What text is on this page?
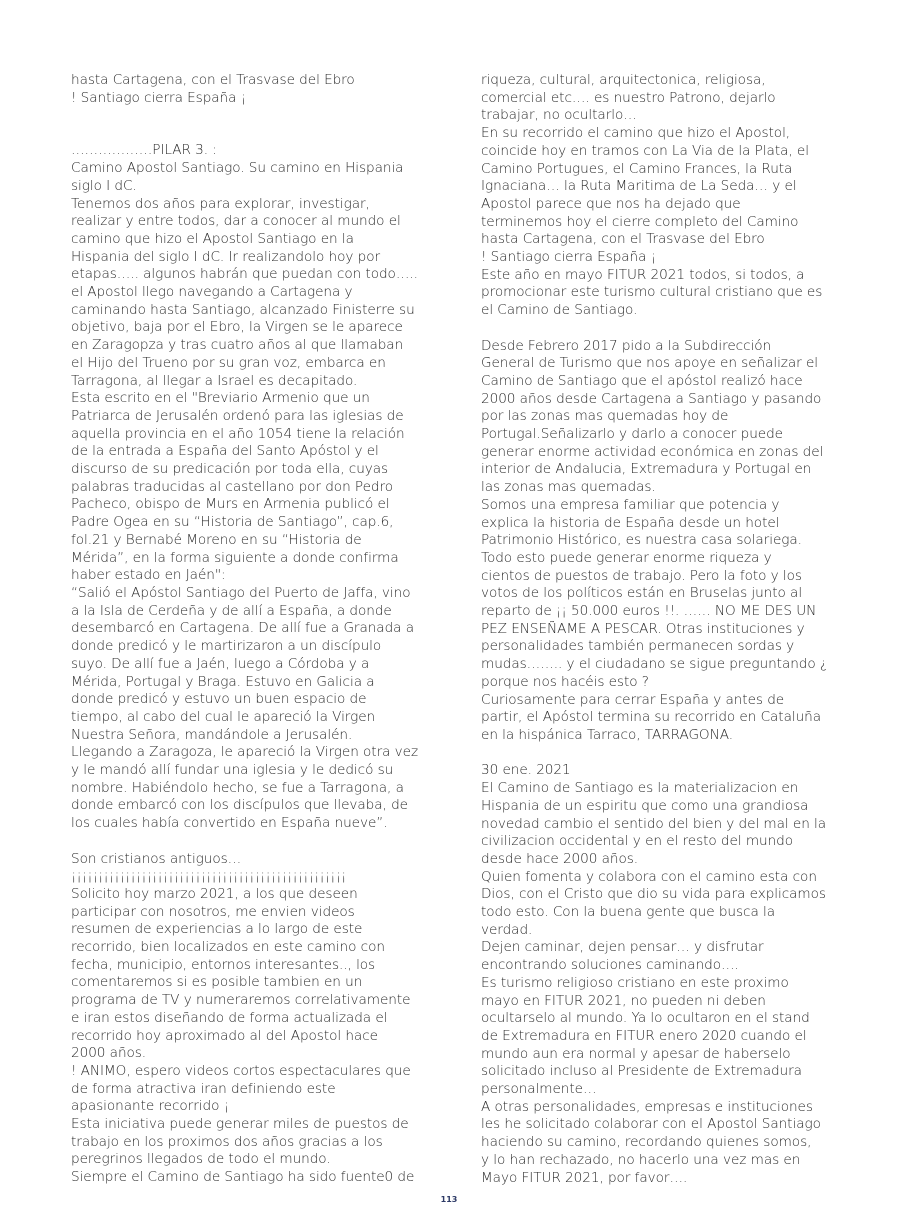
hasta Cartagena, con el Trasvase del Ebro
! Santiago cierra España ¡
………………PILAR 3. :
Camino Apostol Santiago. Su camino en Hispania
siglo I dC.
Tenemos dos años para explorar, investigar,
realizar y entre todos, dar a conocer al mundo el
camino que hizo el Apostol Santiago en la
Hispania del siglo I dC. Ir realizandolo hoy por
etapas….. algunos habrán que puedan con todo…..
el Apostol llego navegando a Cartagena y
caminando hasta Santiago, alcanzado Finisterre su
objetivo, baja por el Ebro, la Virgen se le aparece
en Zaragopza y tras cuatro años al que llamaban
el Hijo del Trueno por su gran voz, embarca en
Tarragona, al llegar a Israel es decapitado.
Esta escrito en el "Breviario Armenio que un
Patriarca de Jerusalén ordenó para las iglesias de
aquella provincia en el año 1054 tiene la relación
de la entrada a España del Santo Apóstol y el
discurso de su predicación por toda ella, cuyas
palabras traducidas al castellano por don Pedro
Pacheco, obispo de Murs en Armenia publicó el
Padre Ogea en su “Historia de Santiago”, cap.6,
fol.21 y Bernabé Moreno en su “Historia de
Mérida”, en la forma siguiente a donde confirma
haber estado en Jaén":
“Salió el Apóstol Santiago del Puerto de Jaffa, vino
a la Isla de Cerdeña y de allí a España, a donde
desembarcó en Cartagena. De allí fue a Granada a
donde predicó y le martirizaron a un discípulo
suyo. De allí fue a Jaén, luego a Córdoba y a
Mérida, Portugal y Braga. Estuvo en Galicia a
donde predicó y estuvo un buen espacio de
tiempo, al cabo del cual le apareció la Virgen
Nuestra Señora, mandándole a Jerusalén.
Llegando a Zaragoza, le apareció la Virgen otra vez
y le mandó allí fundar una iglesia y le dedicó su
nombre. Habiéndolo hecho, se fue a Tarragona, a
donde embarcó con los discípulos que llevaba, de
los cuales había convertido en España nueve”.
Son cristianos antiguos…
¡¡¡¡¡¡¡¡¡¡¡¡¡¡¡¡¡¡¡¡¡¡¡¡¡¡¡¡¡¡¡¡¡¡¡¡¡¡¡¡¡¡¡¡¡¡¡¡¡¡¡
Solicito hoy marzo 2021, a los que deseen
participar con nosotros, me envien videos
resumen de experiencias a lo largo de este
recorrido, bien localizados en este camino con
fecha, municipio, entornos interesantes.., los
comentaremos si es posible tambien en un
programa de TV y numeraremos correlativamente
e iran estos diseñando de forma actualizada el
recorrido hoy aproximado al del Apostol hace
2000 años.
! ANIMO, espero videos cortos espectaculares que
de forma atractiva iran definiendo este
apasionante recorrido ¡
Esta iniciativa puede generar miles de puestos de
trabajo en los proximos dos años gracias a los
peregrinos llegados de todo el mundo.
Siempre el Camino de Santiago ha sido fuente0 de
riqueza, cultural, arquitectonica, religiosa,
comercial etc…. es nuestro Patrono, dejarlo
trabajar, no ocultarlo…
En su recorrido el camino que hizo el Apostol,
coincide hoy en tramos con La Via de la Plata, el
Camino Portugues, el Camino Frances, la Ruta
Ignaciana… la Ruta Maritima de La Seda… y el
Apostol parece que nos ha dejado que
terminemos hoy el cierre completo del Camino
hasta Cartagena, con el Trasvase del Ebro
! Santiago cierra España ¡
Este año en mayo FITUR 2021 todos, si todos, a
promocionar este turismo cultural cristiano que es
el Camino de Santiago.
Desde Febrero 2017 pido a la Subdirección
General de Turismo que nos apoye en señalizar el
Camino de Santiago que el apóstol realizó hace
2000 años desde Cartagena a Santiago y pasando
por las zonas mas quemadas hoy de
Portugal.Señalizarlo y darlo a conocer puede
generar enorme actividad económica en zonas del
interior de Andalucia, Extremadura y Portugal en
las zonas mas quemadas.
Somos una empresa familiar que potencia y
explica la historia de España desde un hotel
Patrimonio Histórico, es nuestra casa solariega.
Todo esto puede generar enorme riqueza y
cientos de puestos de trabajo. Pero la foto y los
votos de los políticos están en Bruselas junto al
reparto de ¡¡ 50.000 euros !!. …… NO ME DES UN
PEZ ENSEÑAME A PESCAR. Otras instituciones y
personalidades también permanecen sordas y
mudas…….. y el ciudadano se sigue preguntando ¿
porque nos hacéis esto ?
Curiosamente para cerrar España y antes de
partir, el Apóstol termina su recorrido en Cataluña
en la hispánica Tarraco, TARRAGONA.
30 ene. 2021
El Camino de Santiago es la materializacion en
Hispania de un espiritu que como una grandiosa
novedad cambio el sentido del bien y del mal en la
civilizacion occidental y en el resto del mundo
desde hace 2000 años.
Quien fomenta y colabora con el camino esta con
Dios, con el Cristo que dio su vida para explicamos
todo esto. Con la buena gente que busca la
verdad.
Dejen caminar, dejen pensar… y disfrutar
encontrando soluciones caminando….
Es turismo religioso cristiano en este proximo
mayo en FITUR 2021, no pueden ni deben
ocultarselo al mundo. Ya lo ocultaron en el stand
de Extremadura en FITUR enero 2020 cuando el
mundo aun era normal y apesar de haberselo
solicitado incluso al Presidente de Extremadura
personalmente…
A otras personalidades, empresas e instituciones
les he solicitado colaborar con el Apostol Santiago
haciendo su camino, recordando quienes somos,
y lo han rechazado, no hacerlo una vez mas en
Mayo FITUR 2021, por favor….
113
